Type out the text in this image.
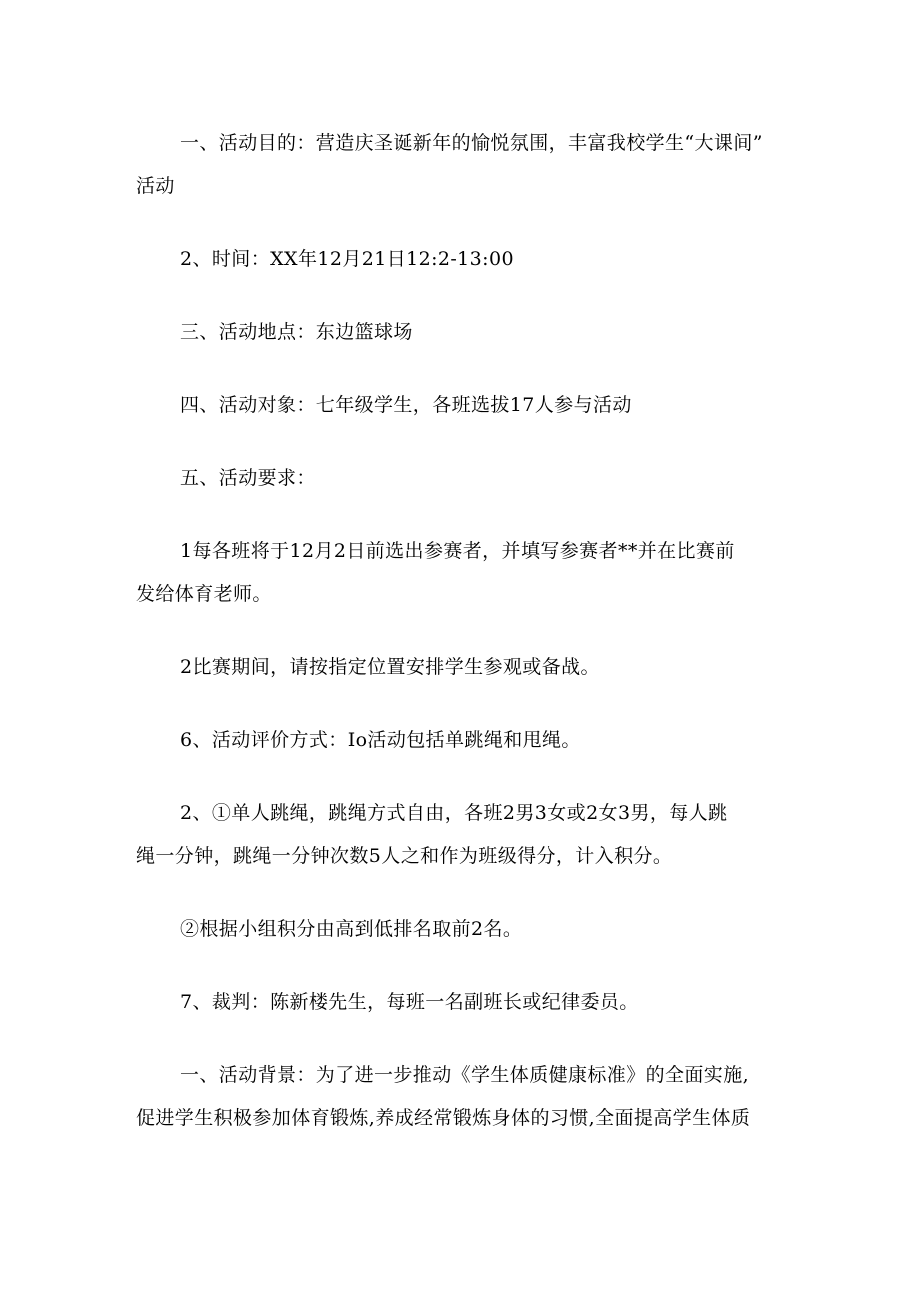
一、活动目的：营造庆圣诞新年的愉悦氛围，丰富我校学生“大课间”
活动

2、时间：XX年12月21日12:2-13:00

三、活动地点：东边篮球场

四、活动对象：七年级学生，各班选拔17人参与活动

五、活动要求：

1每各班将于12月2日前选出参赛者，并填写参赛者**并在比赛前
发给体育老师。

2比赛期间，请按指定位置安排学生参观或备战。

6、活动评价方式：Io活动包括单跳绳和甩绳。

2、①单人跳绳，跳绳方式自由，各班2男3女或2女3男，每人跳
绳一分钟，跳绳一分钟次数5人之和作为班级得分，计入积分。

②根据小组积分由高到低排名取前2名。

7、裁判：陈新楼先生，每班一名副班长或纪律委员。

一、活动背景：为了进一步推动《学生体质健康标准》的全面实施,
促进学生积极参加体育锻炼,养成经常锻炼身体的习惯,全面提高学生体质
